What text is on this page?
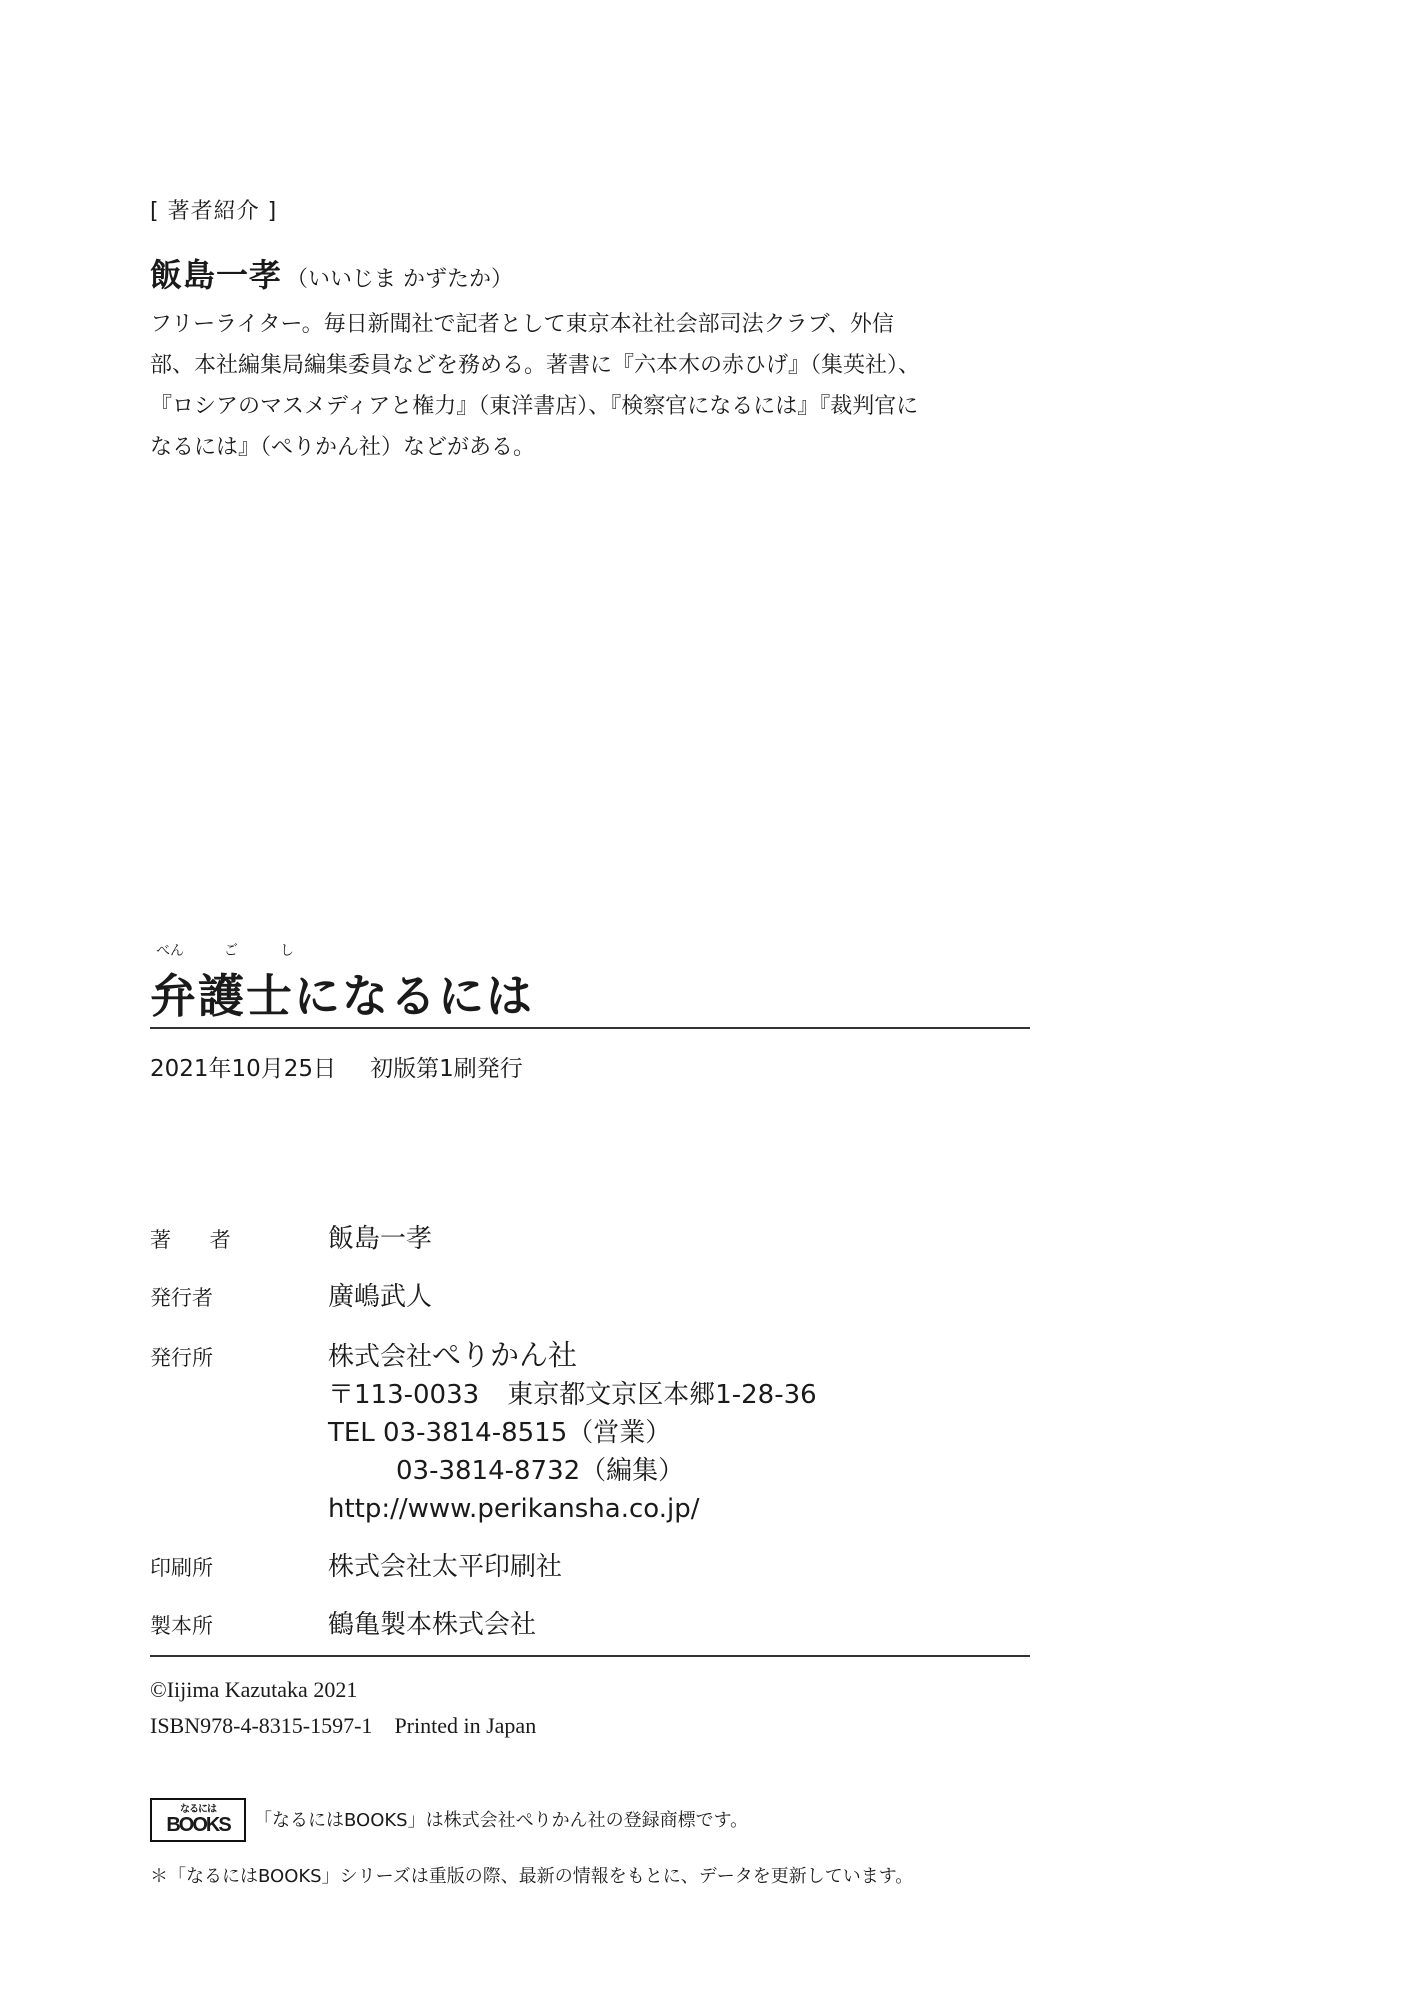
[ 著者紹介 ]
飯島一孝 （いいじま かずたか）
フリーライター。毎日新聞社で記者として東京本社社会部司法クラブ、外信
部、本社編集局編集委員などを務める。著書に『六本木の赤ひげ』（集英社）、
『ロシアのマスメディアと権力』（東洋書店）、『検察官になるには』『裁判官に
なるには』（ぺりかん社）などがある。
べん	ご	し
弁護士になるには
2021年10月25日 初版第1刷発行
著 者	飯島一孝
発行者	廣嶋武人
発行所	株式会社ぺりかん社
〒113-0033 東京都文京区本郷1-28-36
TEL 03-3814-8515（営業）
03-3814-8732（編集）
http://www.perikansha.co.jp/
印刷所	株式会社太平印刷社
製本所	鶴亀製本株式会社
©Iijima Kazutaka 2021
ISBN978-4-8315-1597-1 Printed in Japan
なるには
BOOKS 「なるにはBOOKS」は株式会社ぺりかん社の登録商標です。
＊「なるにはBOOKS」シリーズは重版の際、最新の情報をもとに、データを更新しています。
